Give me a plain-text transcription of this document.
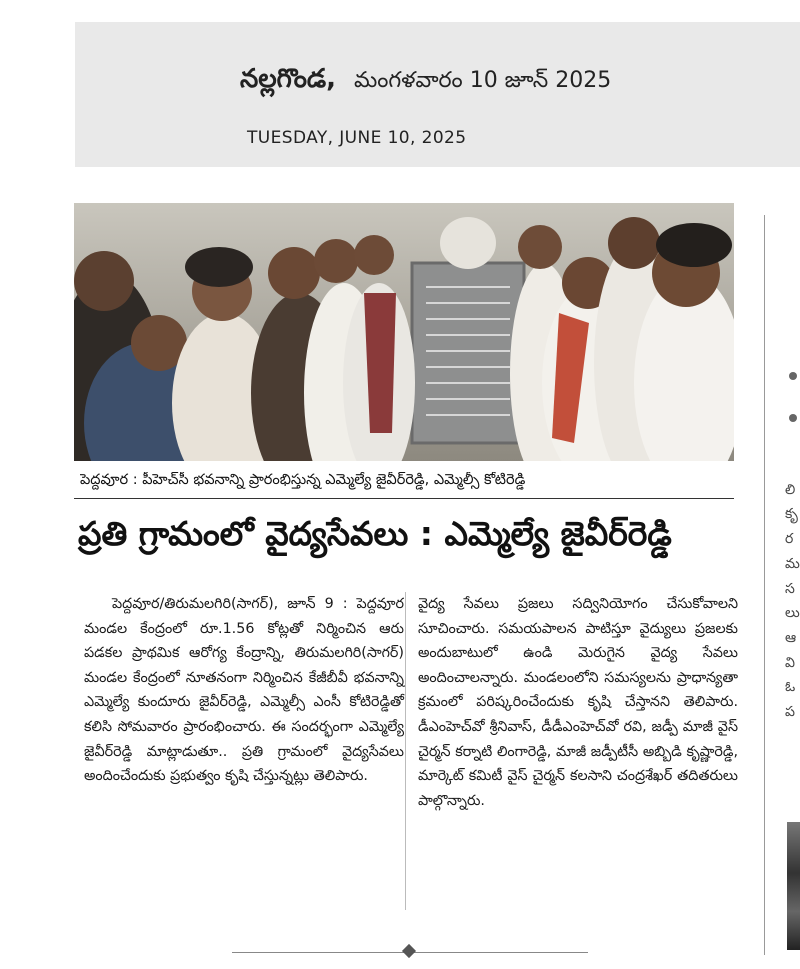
నల్లగొండ, మంగళవారం 10 జూన్ 2025
TUESDAY, JUNE 10, 2025
పెద్దవూర : పీహెచ్‌సీ భవనాన్ని ప్రారంభిస్తున్న ఎమ్మెల్యే జైవీర్‌రెడ్డి, ఎమ్మెల్సీ కోటిరెడ్డి
ప్రతి గ్రామంలో వైద్యసేవలు : ఎమ్మెల్యే జైవీర్‌రెడ్డి
పెద్దవూర/తిరుమలగిరి(సాగర్), జూన్ 9 : పెద్దవూర మండల కేంద్రంలో రూ.1.56 కోట్లతో నిర్మించిన ఆరు పడకల ప్రాథమిక ఆరోగ్య కేంద్రాన్ని, తిరుమలగిరి(సాగర్) మండల కేంద్రంలో నూతనంగా నిర్మించిన కేజీబీవీ భవనాన్ని ఎమ్మెల్యే కుందూరు జైవీర్‌రెడ్డి, ఎమ్మెల్సీ ఎంసీ కోటిరెడ్డితో కలిసి సోమవారం ప్రారంభించారు. ఈ సందర్భంగా ఎమ్మెల్యే జైవీర్‌రెడ్డి మాట్లాడుతూ.. ప్రతి గ్రామంలో వైద్యసేవలు అందించేందుకు ప్రభుత్వం కృషి చేస్తున్నట్లు తెలిపారు.
వైద్య సేవలు ప్రజలు సద్వినియోగం చేసుకోవాలని సూచించారు. సమయపాలన పాటిస్తూ వైద్యులు ప్రజలకు అందుబాటులో ఉండి మెరుగైన వైద్య సేవలు అందించాలన్నారు. మండలంలోని సమస్యలను ప్రాధాన్యతా క్రమంలో పరిష్కరించేందుకు కృషి చేస్తానని తెలిపారు. డీఎంహెచ్‌వో శ్రీనివాస్, డీడీఎంహెచ్‌వో రవి, జడ్పీ మాజీ వైస్ చైర్మన్ కర్నాటి లింగారెడ్డి, మాజీ జడ్పీటీసీ అబ్బిడి కృష్ణారెడ్డి, మార్కెట్ కమిటీ వైస్ చైర్మన్ కలసాని చంద్రశేఖర్ తదితరులు పాల్గొన్నారు.
లి
కృ
ర
మ
స
లు
ఆ
వి
ఓ
ప
